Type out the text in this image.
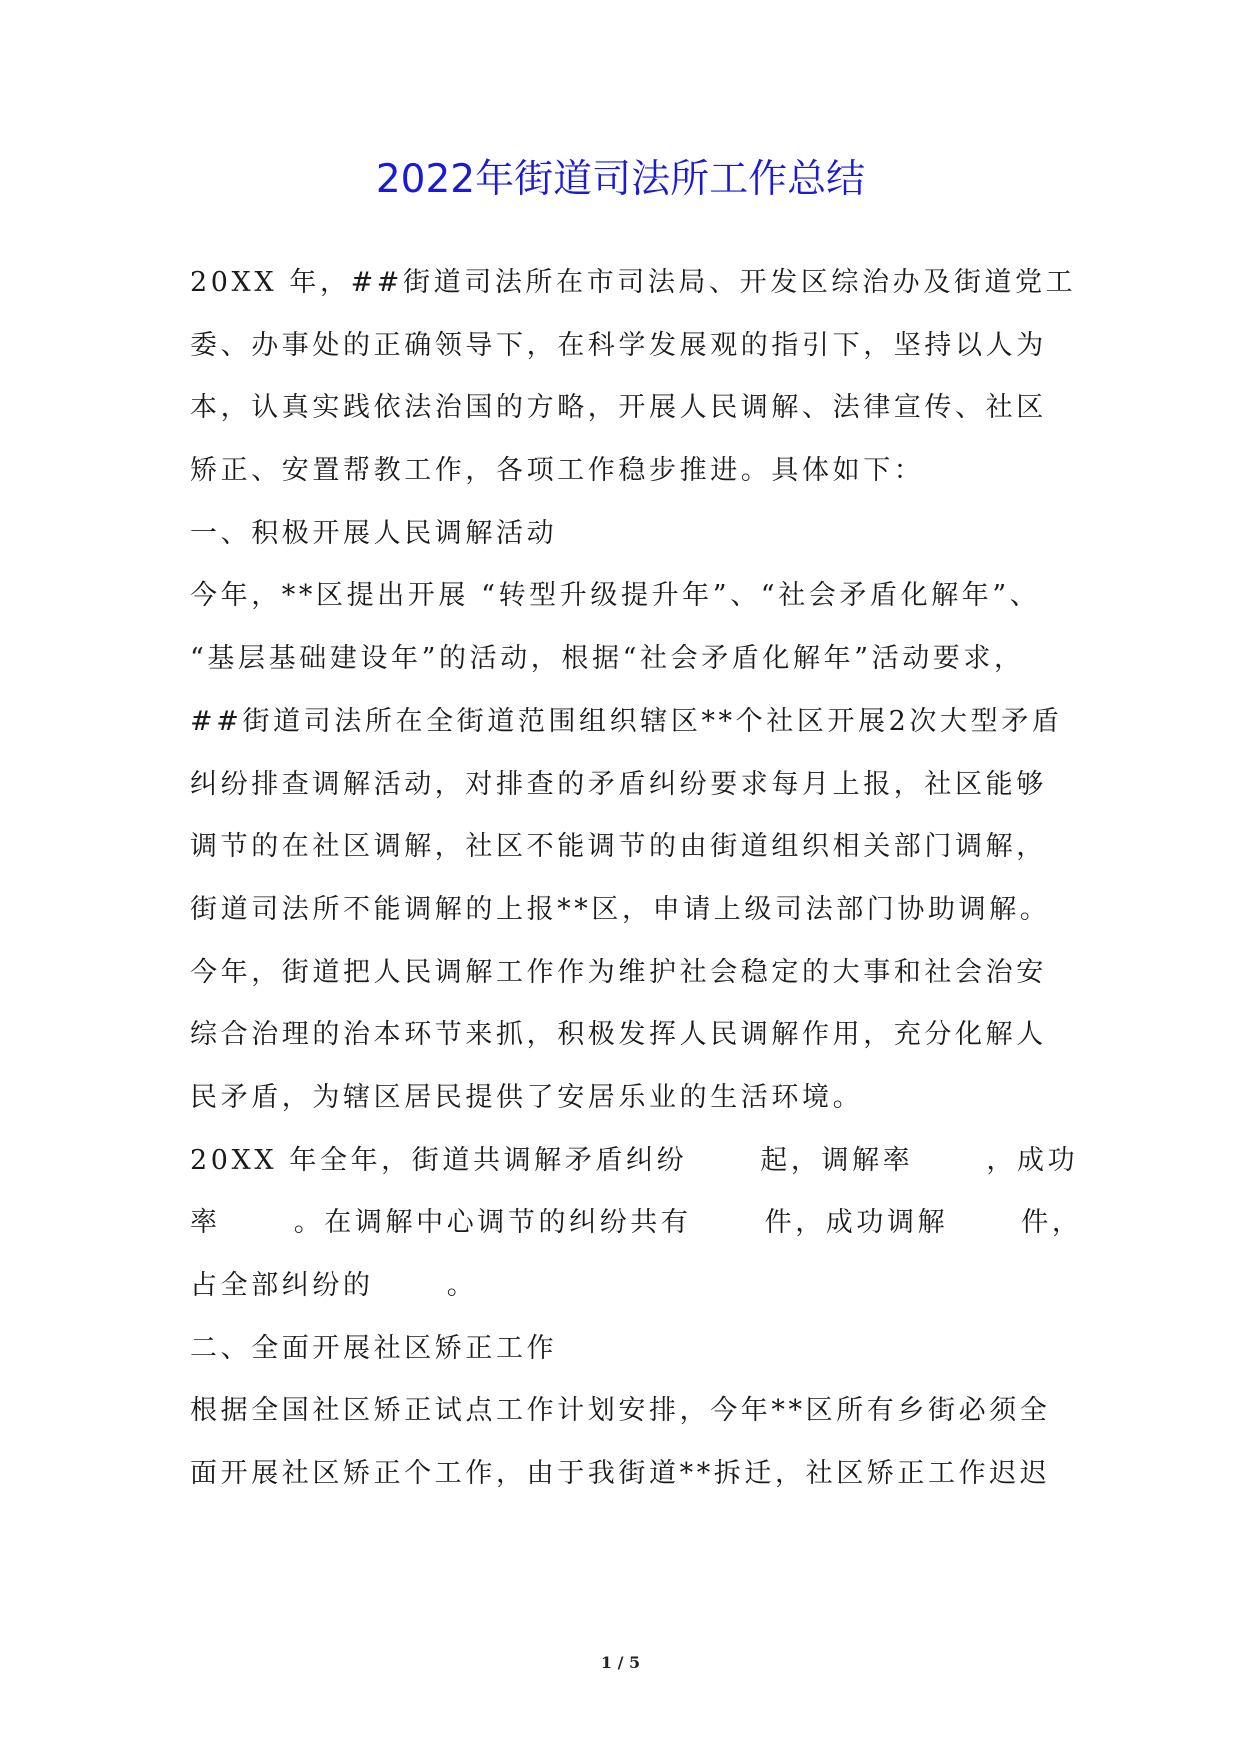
2022年街道司法所工作总结
20XX 年，##街道司法所在市司法局、开发区综治办及街道党工
委、办事处的正确领导下，在科学发展观的指引下，坚持以人为
本，认真实践依法治国的方略，开展人民调解、法律宣传、社区
矫正、安置帮教工作，各项工作稳步推进。具体如下：
一、积极开展人民调解活动
今年，**区提出开展 “转型升级提升年”、“社会矛盾化解年”、
“基层基础建设年”的活动，根据“社会矛盾化解年”活动要求，
##街道司法所在全街道范围组织辖区**个社区开展2次大型矛盾
纠纷排查调解活动，对排查的矛盾纠纷要求每月上报，社区能够
调节的在社区调解，社区不能调节的由街道组织相关部门调解，
街道司法所不能调解的上报**区，申请上级司法部门协助调解。
今年，街道把人民调解工作作为维护社会稳定的大事和社会治安
综合治理的治本环节来抓，积极发挥人民调解作用，充分化解人
民矛盾，为辖区居民提供了安居乐业的生活环境。
20XX 年全年，街道共调解矛盾纠纷      起，调解率      ，成功
率      。在调解中心调节的纠纷共有      件，成功调解      件，
占全部纠纷的      。
二、全面开展社区矫正工作
根据全国社区矫正试点工作计划安排，今年**区所有乡街必须全
面开展社区矫正个工作，由于我街道**拆迁，社区矫正工作迟迟
1 / 5
